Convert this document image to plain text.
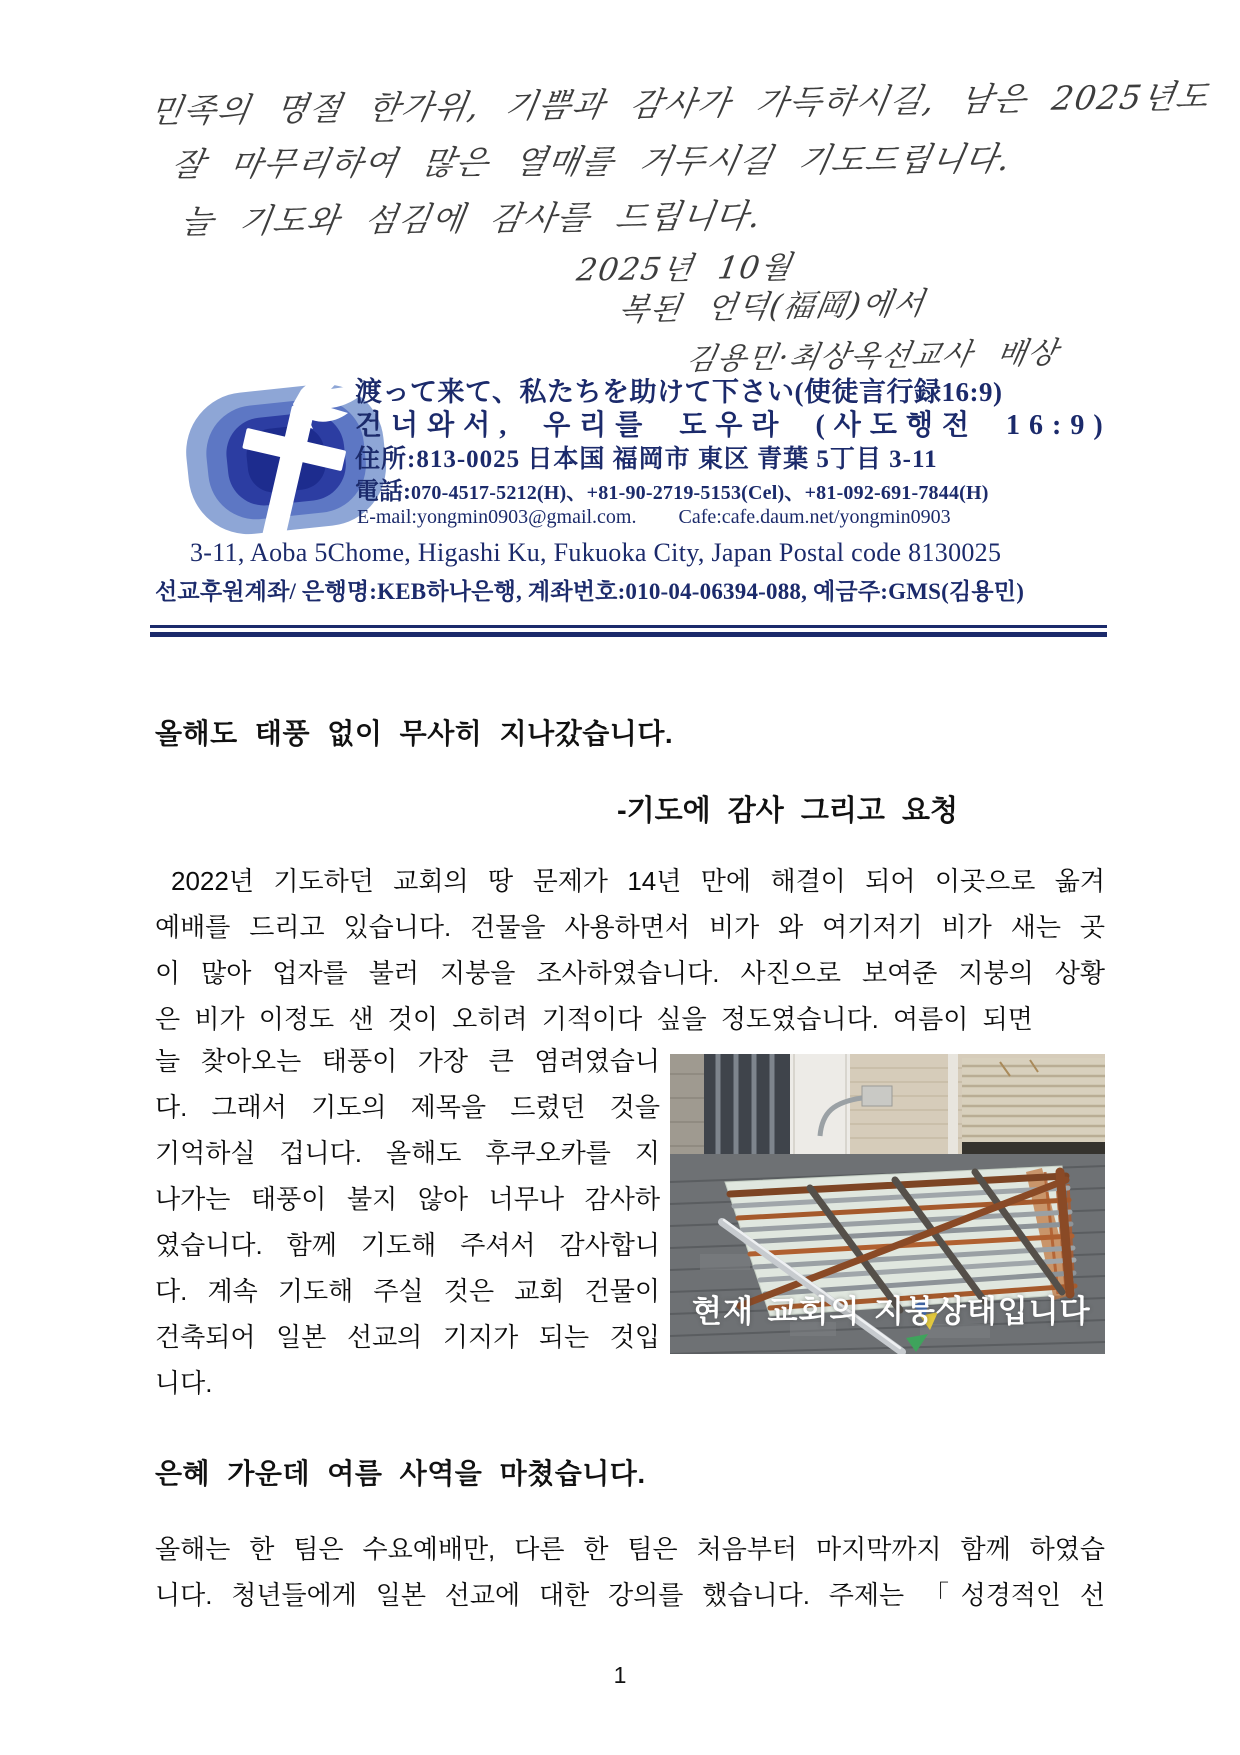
민족의 명절 한가위, 기쁨과 감사가 가득하시길, 남은 2025년도
잘 마무리하여 많은 열매를 거두시길 기도드립니다.
늘 기도와 섬김에 감사를 드립니다.
2025년 10월
복된 언덕(福岡)에서
김용민·최상옥선교사 배상
渡って来て、私たちを助けて下さい(使徒言行録16:9)
건너와서, 우리를 도우라 (사도행전 16:9)
住所:813-0025 日本国 福岡市 東区 青葉 5丁目 3-11
電話:070-4517-5212(H)、+81-90-2719-5153(Cel)、+81-092-691-7844(H)
E-mail:yongmin0903@gmail.com. Cafe:cafe.daum.net/yongmin0903
3-11, Aoba 5Chome, Higashi Ku, Fukuoka City, Japan Postal code 8130025
선교후원계좌/ 은행명:KEB하나은행, 계좌번호:010-04-06394-088, 예금주:GMS(김용민)
올해도 태풍 없이 무사히 지나갔습니다.
-기도에 감사 그리고 요청
2022년 기도하던 교회의 땅 문제가 14년 만에 해결이 되어 이곳으로 옮겨
예배를 드리고 있습니다. 건물을 사용하면서 비가 와 여기저기 비가 새는 곳
이 많아 업자를 불러 지붕을 조사하였습니다. 사진으로 보여준 지붕의 상황
은 비가 이정도 샌 것이 오히려 기적이다 싶을 정도였습니다. 여름이 되면
늘 찾아오는 태풍이 가장 큰 염려였습니
다. 그래서 기도의 제목을 드렸던 것을
기억하실 겁니다. 올해도 후쿠오카를 지
나가는 태풍이 불지 않아 너무나 감사하
였습니다. 함께 기도해 주셔서 감사합니
다. 계속 기도해 주실 것은 교회 건물이
건축되어 일본 선교의 기지가 되는 것입
니다.
현재 교회의 지붕상태입니다
은혜 가운데 여름 사역을 마쳤습니다.
올해는 한 팀은 수요예배만, 다른 한 팀은 처음부터 마지막까지 함께 하였습
니다. 청년들에게 일본 선교에 대한 강의를 했습니다. 주제는 「성경적인 선
1
